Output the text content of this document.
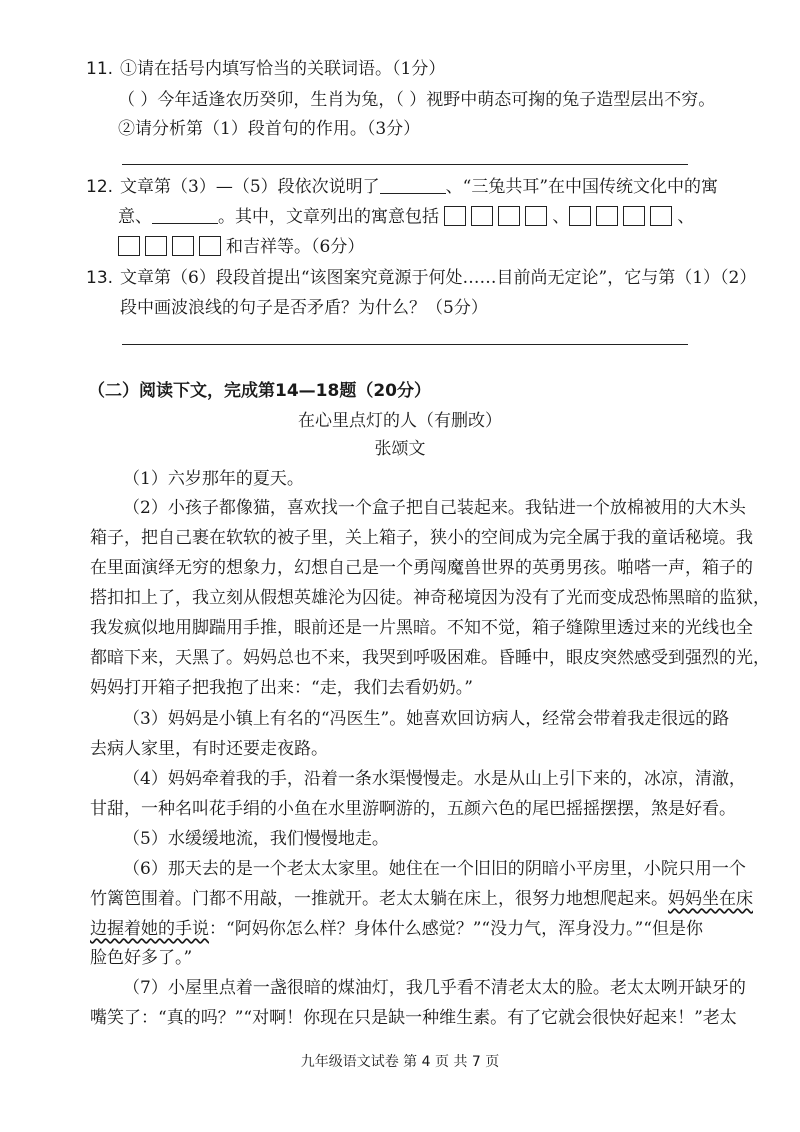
11. ①请在括号内填写恰当的关联词语。（1分）
（ ）今年适逢农历癸卯，生肖为兔，（ ）视野中萌态可掬的兔子造型层出不穷。
②请分析第（1）段首句的作用。（3分）
12. 文章第（3）—（5）段依次说明了	、“三兔共耳”在中国传统文化中的寓
意、	。其中，文章列出的寓意包括	、	、
和吉祥等。（6分）
13. 文章第（6）段段首提出“该图案究竟源于何处……目前尚无定论”，它与第（1）（2）
段中画波浪线的句子是否矛盾？为什么？（5分）
（二）阅读下文，完成第14—18题（20分）
在心里点灯的人（有删改）
张颂文
（1）六岁那年的夏天。
（2）小孩子都像猫，喜欢找一个盒子把自己装起来。我钻进一个放棉被用的大木头
箱子，把自己裹在软软的被子里，关上箱子，狭小的空间成为完全属于我的童话秘境。我
在里面演绎无穷的想象力，幻想自己是一个勇闯魔兽世界的英勇男孩。啪嗒一声，箱子的
搭扣扣上了，我立刻从假想英雄沦为囚徒。神奇秘境因为没有了光而变成恐怖黑暗的监狱，
我发疯似地用脚踹用手推，眼前还是一片黑暗。不知不觉，箱子缝隙里透过来的光线也全
都暗下来，天黑了。妈妈总也不来，我哭到呼吸困难。昏睡中，眼皮突然感受到强烈的光，
妈妈打开箱子把我抱了出来：“走，我们去看奶奶。”
（3）妈妈是小镇上有名的“冯医生”。她喜欢回访病人，经常会带着我走很远的路
去病人家里，有时还要走夜路。
（4）妈妈牵着我的手，沿着一条水渠慢慢走。水是从山上引下来的，冰凉，清澈，
甘甜，一种名叫花手绢的小鱼在水里游啊游的，五颜六色的尾巴摇摇摆摆，煞是好看。
（5）水缓缓地流，我们慢慢地走。
（6）那天去的是一个老太太家里。她住在一个旧旧的阴暗小平房里，小院只用一个
竹篱笆围着。门都不用敲，一推就开。老太太躺在床上，很努力地想爬起来。妈妈坐在床
边握着她的手说：“阿妈你怎么样？身体什么感觉？”“没力气，浑身没力。”“但是你
脸色好多了。”
（7）小屋里点着一盏很暗的煤油灯，我几乎看不清老太太的脸。老太太咧开缺牙的
嘴笑了：“真的吗？”“对啊！你现在只是缺一种维生素。有了它就会很快好起来！”老太
九年级语文试卷 第 4 页 共 7 页
